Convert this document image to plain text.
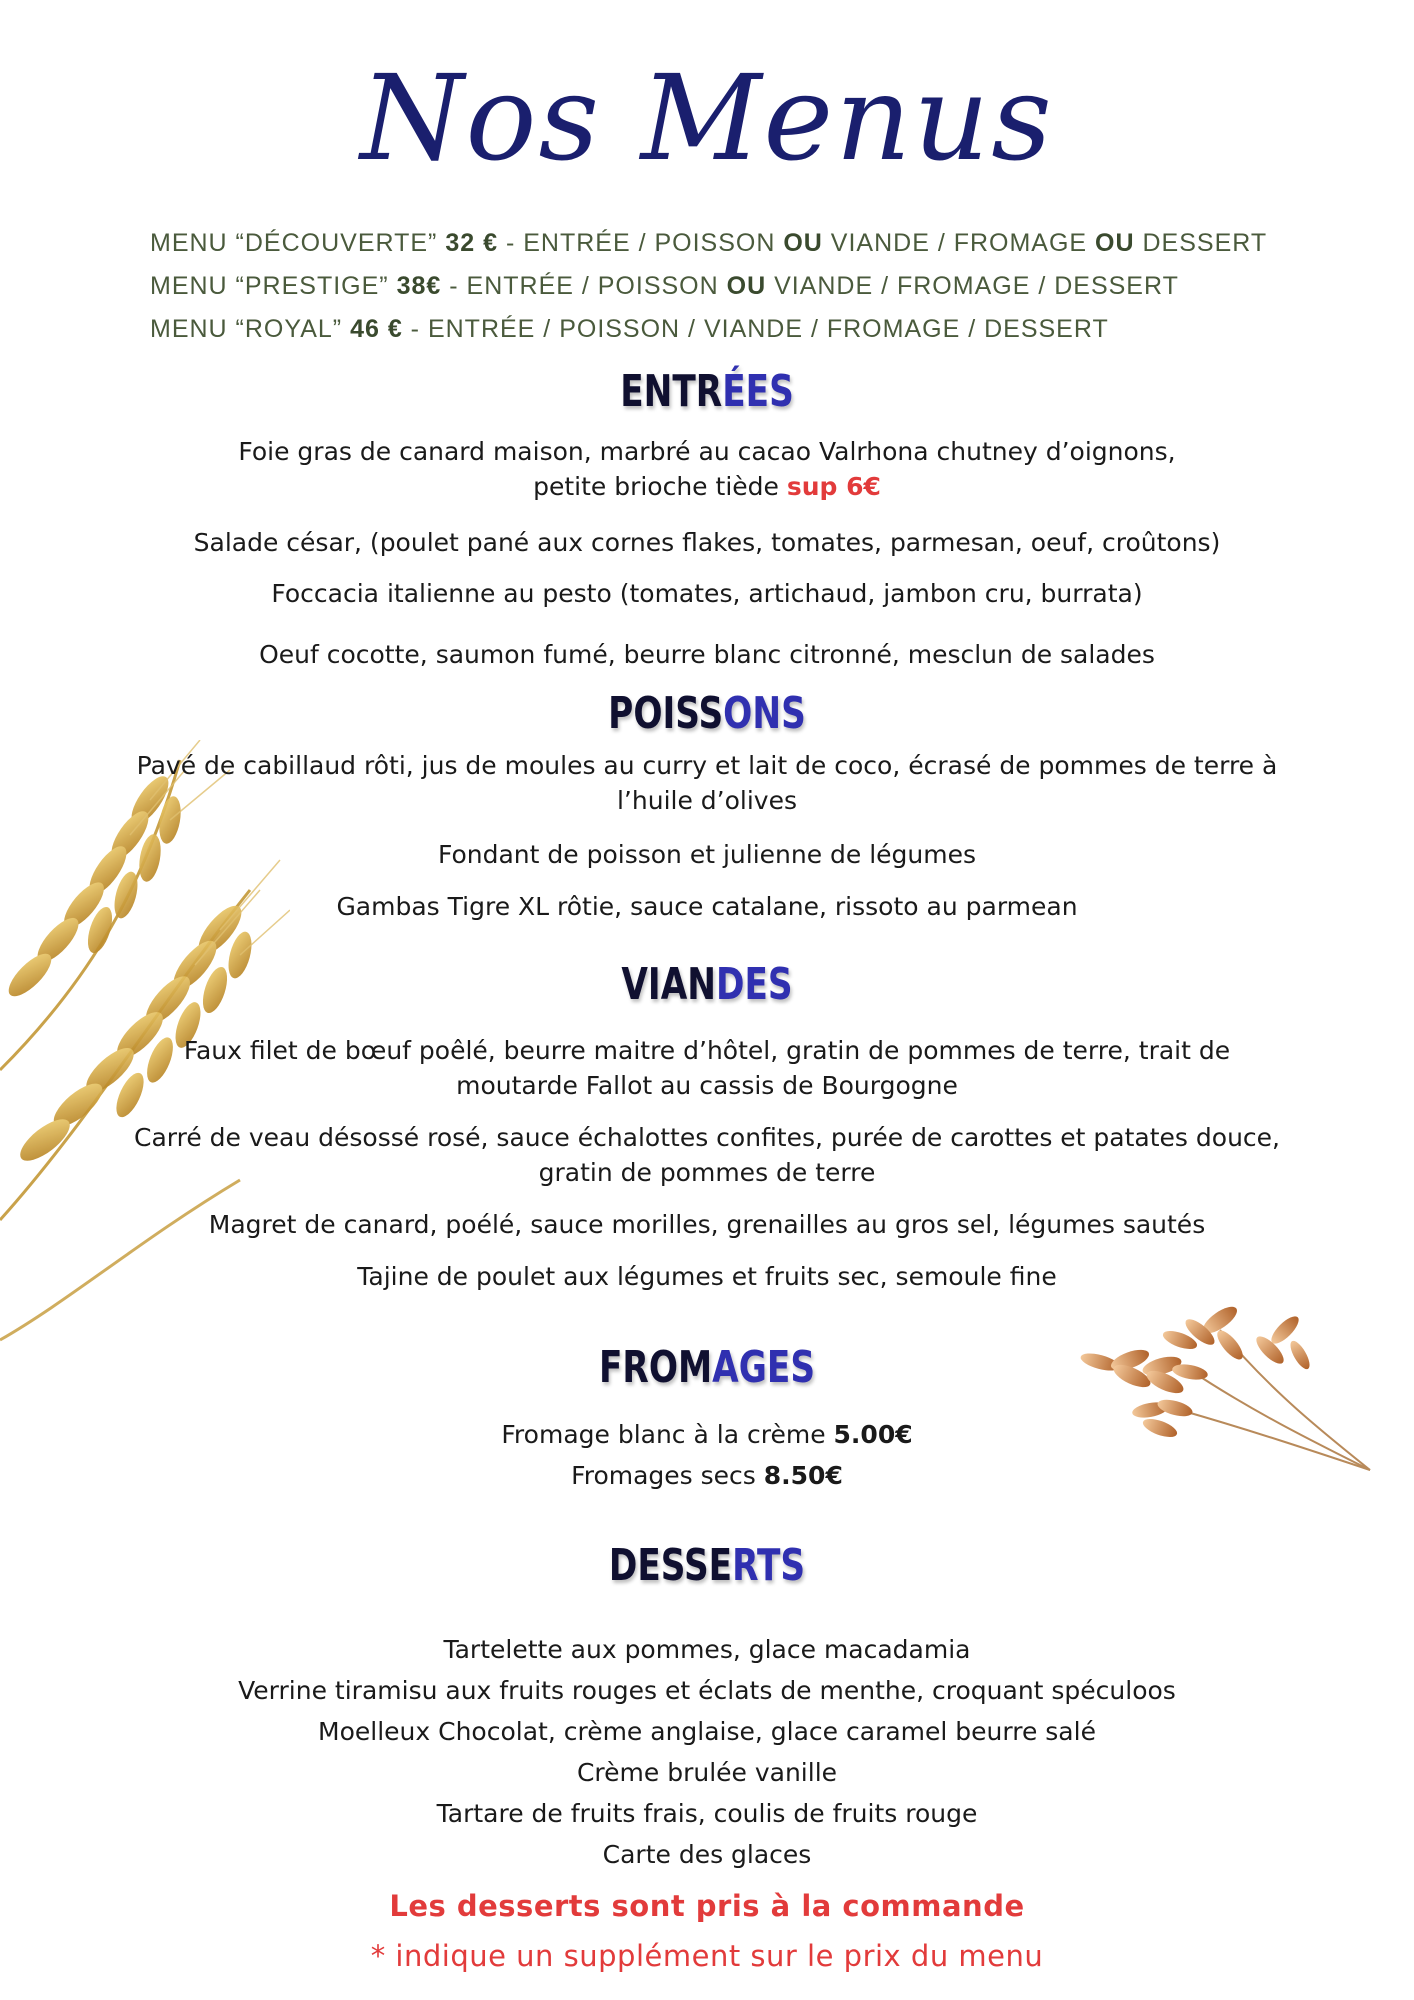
Nos Menus
MENU “DÉCOUVERTE” 32 € - ENTRÉE / POISSON OU VIANDE / FROMAGE OU DESSERT
MENU “PRESTIGE” 38€ - ENTRÉE / POISSON OU VIANDE / FROMAGE / DESSERT
MENU “ROYAL” 46 € - ENTRÉE / POISSON / VIANDE / FROMAGE / DESSERT
ENTRÉES
Foie gras de canard maison, marbré au cacao Valrhona chutney d’oignons,
petite brioche tiède sup 6€
Salade césar, (poulet pané aux cornes flakes, tomates, parmesan, oeuf, croûtons)
Foccacia italienne au pesto (tomates, artichaud, jambon cru, burrata)
Oeuf cocotte, saumon fumé, beurre blanc citronné, mesclun de salades
POISSONS
Pavé de cabillaud rôti, jus de moules au curry et lait de coco, écrasé de pommes de terre à
l’huile d’olives
Fondant de poisson et julienne de légumes
Gambas Tigre XL rôtie, sauce catalane, rissoto au parmean
VIANDES
Faux filet de bœuf poêlé, beurre maitre d’hôtel, gratin de pommes de terre, trait de
moutarde Fallot au cassis de Bourgogne
Carré de veau désossé rosé, sauce échalottes confites, purée de carottes et patates douce,
gratin de pommes de terre
Magret de canard, poélé, sauce morilles, grenailles au gros sel, légumes sautés
Tajine de poulet aux légumes et fruits sec, semoule fine
FROMAGES
Fromage blanc à la crème 5.00€
Fromages secs 8.50€
DESSERTS
Tartelette aux pommes, glace macadamia
Verrine tiramisu aux fruits rouges et éclats de menthe, croquant spéculoos
Moelleux Chocolat, crème anglaise, glace caramel beurre salé
Crème brulée vanille
Tartare de fruits frais, coulis de fruits rouge
Carte des glaces
Les desserts sont pris à la commande
* indique un supplément sur le prix du menu
